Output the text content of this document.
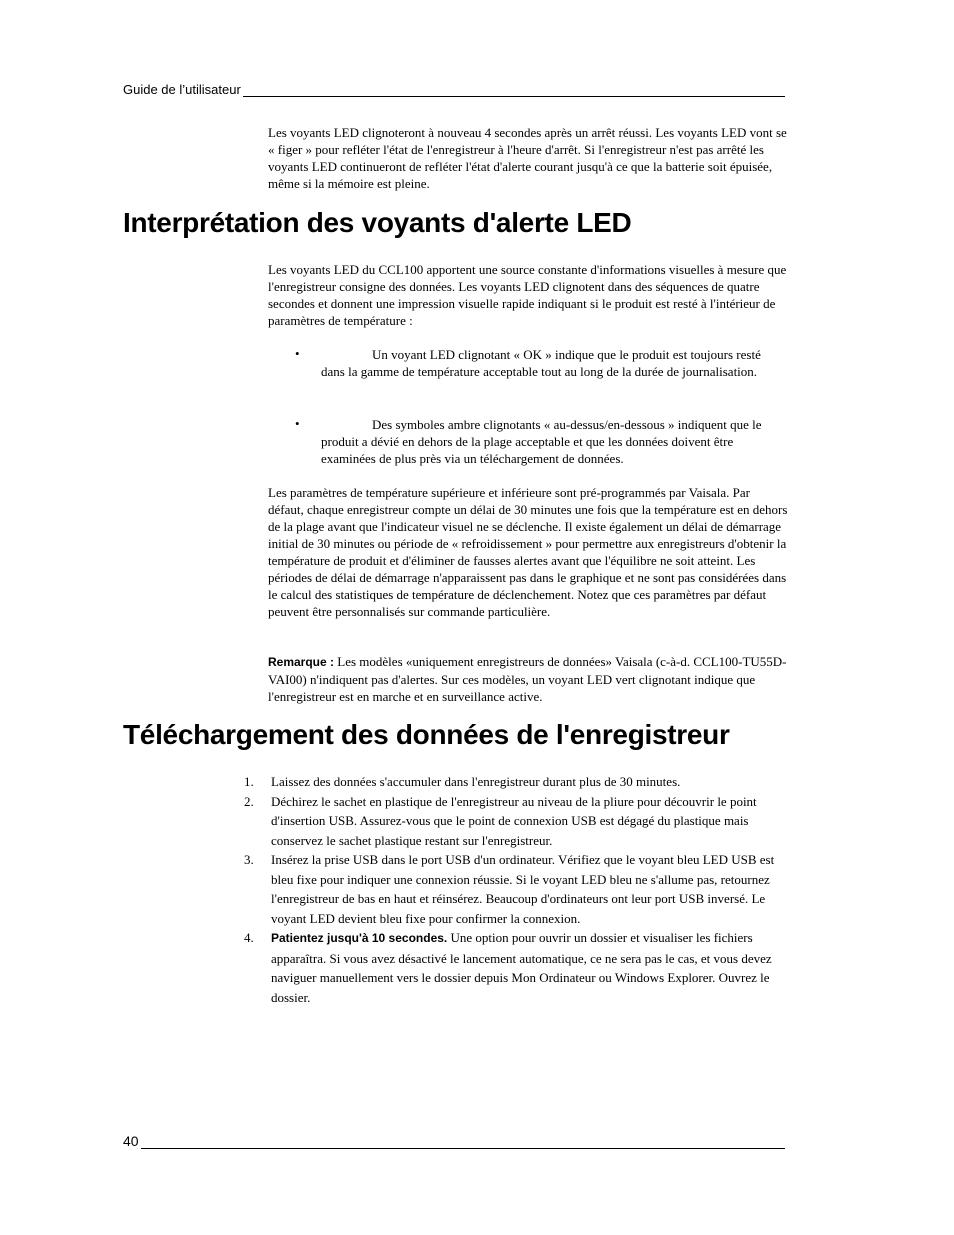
Guide de l’utilisateur
Les voyants LED clignoteront à nouveau 4 secondes après un arrêt réussi. Les voyants LED vont se « figer » pour refléter l'état de l'enregistreur à l'heure d'arrêt. Si l'enregistreur n'est pas arrêté les voyants LED continueront de refléter l'état d'alerte courant jusqu'à ce que la batterie soit épuisée, même si la mémoire est pleine.
Interprétation des voyants d'alerte LED
Les voyants LED du CCL100 apportent une source constante d'informations visuelles à mesure que l'enregistreur consigne des données. Les voyants LED clignotent dans des séquences de quatre secondes et donnent une impression visuelle rapide indiquant si le produit est resté à l'intérieur de paramètres de température :
•	Un voyant LED clignotant « OK » indique que le produit est toujours resté dans la gamme de température acceptable tout au long de la durée de journalisation.
•	Des symboles ambre clignotants « au-dessus/en-dessous » indiquent que le produit a dévié en dehors de la plage acceptable et que les données doivent être examinées de plus près via un téléchargement de données.
Les paramètres de température supérieure et inférieure sont pré-programmés par Vaisala. Par défaut, chaque enregistreur compte un délai de 30 minutes une fois que la température est en dehors de la plage avant que l'indicateur visuel ne se déclenche. Il existe également un délai de démarrage initial de 30 minutes ou période de « refroidissement » pour permettre aux enregistreurs d'obtenir la température de produit et d'éliminer de fausses alertes avant que l'équilibre ne soit atteint. Les périodes de délai de démarrage n'apparaissent pas dans le graphique et ne sont pas considérées dans le calcul des statistiques de température de déclenchement. Notez que ces paramètres par défaut peuvent être personnalisés sur commande particulière.
Remarque : Les modèles «uniquement enregistreurs de données» Vaisala (c-à-d. CCL100-TU55D-VAI00) n'indiquent pas d'alertes. Sur ces modèles, un voyant LED vert clignotant indique que l'enregistreur est en marche et en surveillance active.
Téléchargement des données de l'enregistreur
1. Laissez des données s'accumuler dans l'enregistreur durant plus de 30 minutes.
2. Déchirez le sachet en plastique de l'enregistreur au niveau de la pliure pour découvrir le point d'insertion USB. Assurez-vous que le point de connexion USB est dégagé du plastique mais conservez le sachet plastique restant sur l'enregistreur.
3. Insérez la prise USB dans le port USB d'un ordinateur. Vérifiez que le voyant bleu LED USB est bleu fixe pour indiquer une connexion réussie. Si le voyant LED bleu ne s'allume pas, retournez l'enregistreur de bas en haut et réinsérez. Beaucoup d'ordinateurs ont leur port USB inversé. Le voyant LED devient bleu fixe pour confirmer la connexion.
4. Patientez jusqu'à 10 secondes. Une option pour ouvrir un dossier et visualiser les fichiers apparaîtra. Si vous avez désactivé le lancement automatique, ce ne sera pas le cas, et vous devez naviguer manuellement vers le dossier depuis Mon Ordinateur ou Windows Explorer. Ouvrez le dossier.
40
